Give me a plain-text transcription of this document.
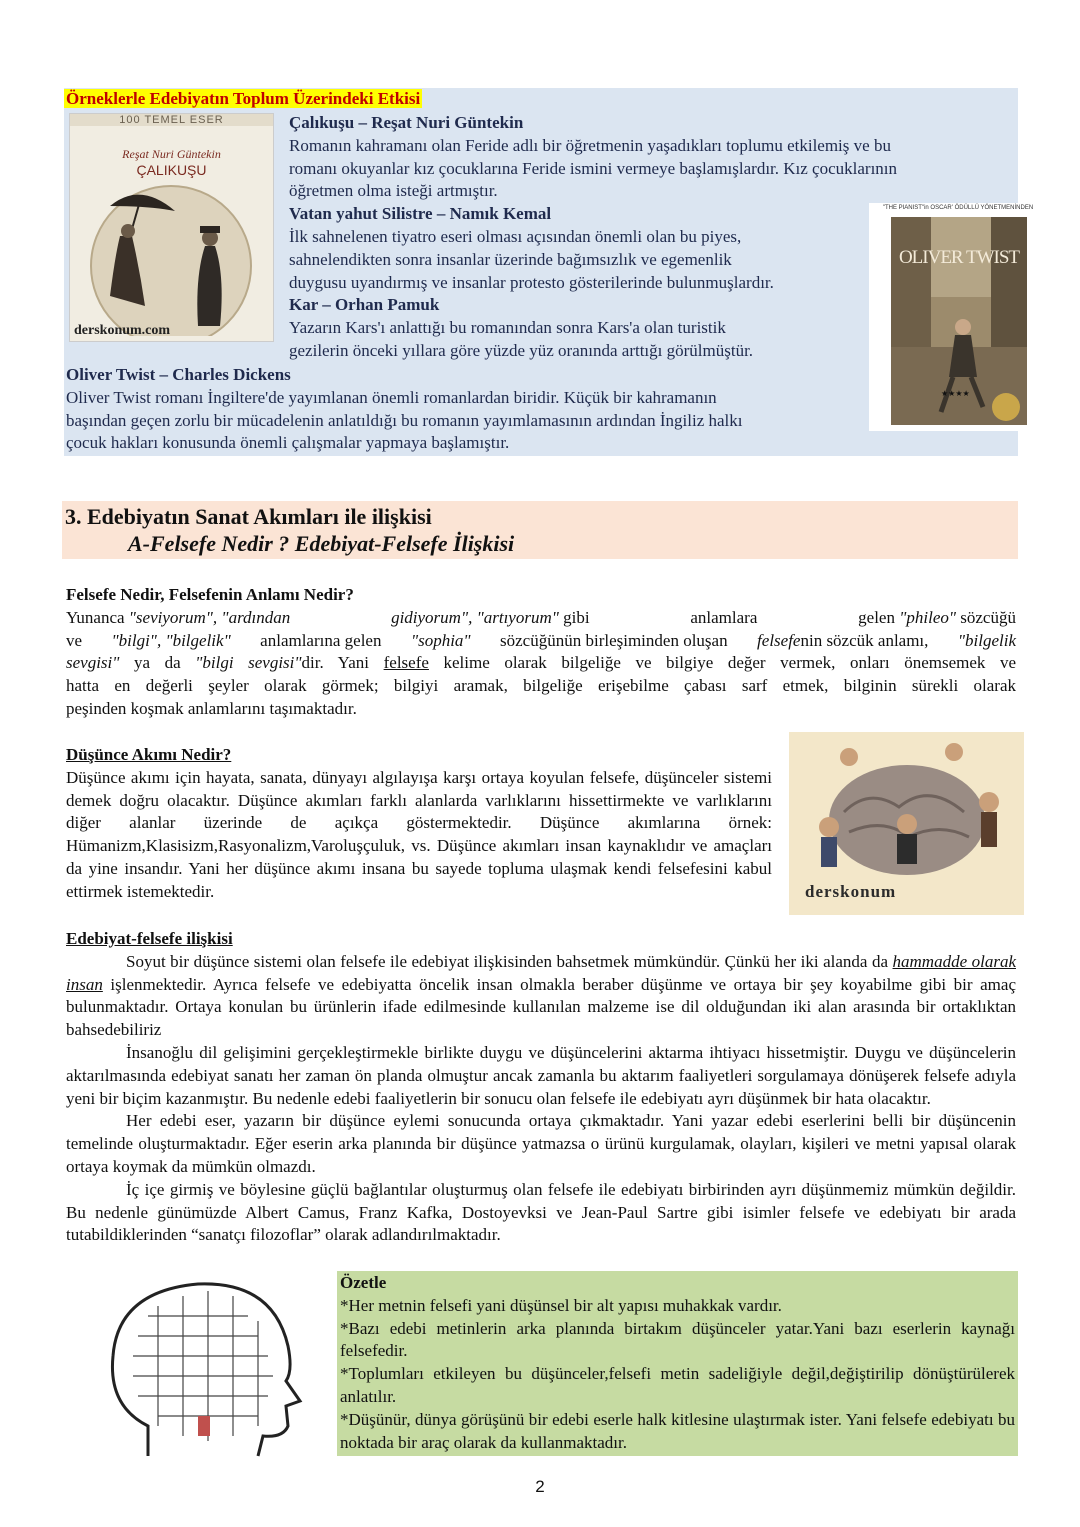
Örneklerle Edebiyatın Toplum Üzerindeki Etkisi
100 TEMEL ESER
Reşat Nuri Güntekin
ÇALIKUŞU
derskonum.com

Çalıkuşu – Reşat Nuri Güntekin

Romanın kahramanı olan Feride adlı bir öğretmenin yaşadıkları toplumu etkilemiş ve bu

romanı okuyanlar kız çocuklarına Feride ismini vermeye başlamışlardır. Kız çocuklarının

öğretmen olma isteği artmıştır.

Vatan yahut Silistre – Namık Kemal

İlk sahnelenen tiyatro eseri olması açısından önemli olan bu piyes,

sahnelendikten sonra insanlar üzerinde bağımsızlık ve egemenlik

duygusu uyandırmış ve insanlar protesto gösterilerinde bulunmuşlardır.

Kar – Orhan Pamuk

Yazarın Kars'ı anlattığı bu romanından sonra Kars'a olan turistik

gezilerin önceki yıllara göre yüzde yüz oranında arttığı görülmüştür.

Oliver Twist – Charles Dickens

Oliver Twist romanı İngiltere'de yayımlanan önemli romanlardan biridir. Küçük bir kahramanın

başından geçen zorlu bir mücadelenin anlatıldığı bu romanın yayımlamasının ardından İngiliz halkı

çocuk hakları konusunda önemli çalışmalar yapmaya başlamıştır.

"THE PIANIST"in OSCAR' ÖDÜLLÜ YÖNETMENİNDEN
OLIVER TWIST
★★★★
3. Edebiyatın Sanat Akımları ile ilişkisi
A-Felsefe Nedir ? Edebiyat-Felsefe İlişkisi

Felsefe Nedir, Felsefenin Anlamı Nedir?

Yunanca "seviyorum", "ardından	gidiyorum", "artıyorum" gibi	anlamlara	gelen "phileo" sözcüğü
ve "bilgi", "bilgelik" anlamlarına gelen "sophia" sözcüğünün birleşiminden oluşan felsefenin sözcük anlamı, "bilgelik

sevgisi" ya da "bilgi sevgisi"dir. Yani felsefe kelime olarak bilgeliğe ve bilgiye değer vermek, onları önemsemek ve

hatta en değerli şeyler olarak görmek; bilgiyi aramak, bilgeliğe erişebilme çabası sarf etmek, bilginin sürekli olarak

peşinden koşmak anlamlarını taşımaktadır.

Düşünce Akımı Nedir?

Düşünce akımı için hayata, sanata, dünyayı algılayışa karşı ortaya koyulan felsefe, düşünceler sistemi demek doğru olacaktır. Düşünce akımları farklı alanlarda varlıklarını hissettirmekte ve varlıklarını diğer alanlar üzerinde de açıkça göstermektedir. Düşünce akımlarına örnek: Hümanizm,Klasisizm,Rasyonalizm,Varoluşçuluk, vs. Düşünce akımları insan kaynaklıdır ve amaçları da yine insandır. Yani her düşünce akımı insana bu sayede topluma ulaşmak kendi felsefesini kabul ettirmek istemektedir.	derskonum

Edebiyat-felsefe ilişkisi

Soyut bir düşünce sistemi olan felsefe ile edebiyat ilişkisinden bahsetmek mümkündür. Çünkü her iki alanda da hammadde olarak insan işlenmektedir. Ayrıca felsefe ve edebiyatta öncelik insan olmakla beraber düşünme ve ortaya bir şey koyabilme gibi bir amaç bulunmaktadır. Ortaya konulan bu ürünlerin ifade edilmesinde kullanılan malzeme ise dil olduğundan iki alan arasında bir ortaklıktan bahsedebiliriz

İnsanoğlu dil gelişimini gerçekleştirmekle birlikte duygu ve düşüncelerini aktarma ihtiyacı hissetmiştir. Duygu ve düşüncelerin aktarılmasında edebiyat sanatı her zaman ön planda olmuştur ancak zamanla bu aktarım faaliyetleri sorgulamaya dönüşerek felsefe adıyla yeni bir biçim kazanmıştır. Bu nedenle edebi faaliyetlerin bir sonucu olan felsefe ile edebiyatı ayrı düşünmek bir hata olacaktır.

Her edebi eser, yazarın bir düşünce eylemi sonucunda ortaya çıkmaktadır. Yani yazar edebi eserlerini belli bir düşüncenin temelinde oluşturmaktadır. Eğer eserin arka planında bir düşünce yatmazsa o ürünü kurgulamak, olayları, kişileri ve metni yapısal olarak ortaya koymak da mümkün olmazdı.

İç içe girmiş ve böylesine güçlü bağlantılar oluşturmuş olan felsefe ile edebiyatı birbirinden ayrı düşünmemiz mümkün değildir. Bu nedenle günümüzde Albert Camus, Franz Kafka, Dostoyevksi ve Jean-Paul Sartre gibi isimler felsefe ve edebiyatı bir arada tutabildiklerinden “sanatçı filozoflar” olarak adlandırılmaktadır.

Özetle

*Her metnin felsefi yani düşünsel bir alt yapısı muhakkak vardır.

*Bazı edebi metinlerin arka planında birtakım düşünceler yatar.Yani bazı eserlerin kaynağı felsefedir.

*Toplumları etkileyen bu düşünceler,felsefi metin sadeliğiyle değil,değiştirilip dönüştürülerek anlatılır.

*Düşünür, dünya görüşünü bir edebi eserle halk kitlesine ulaştırmak ister. Yani felsefe edebiyatı bu noktada bir araç olarak da kullanmaktadır.

2
